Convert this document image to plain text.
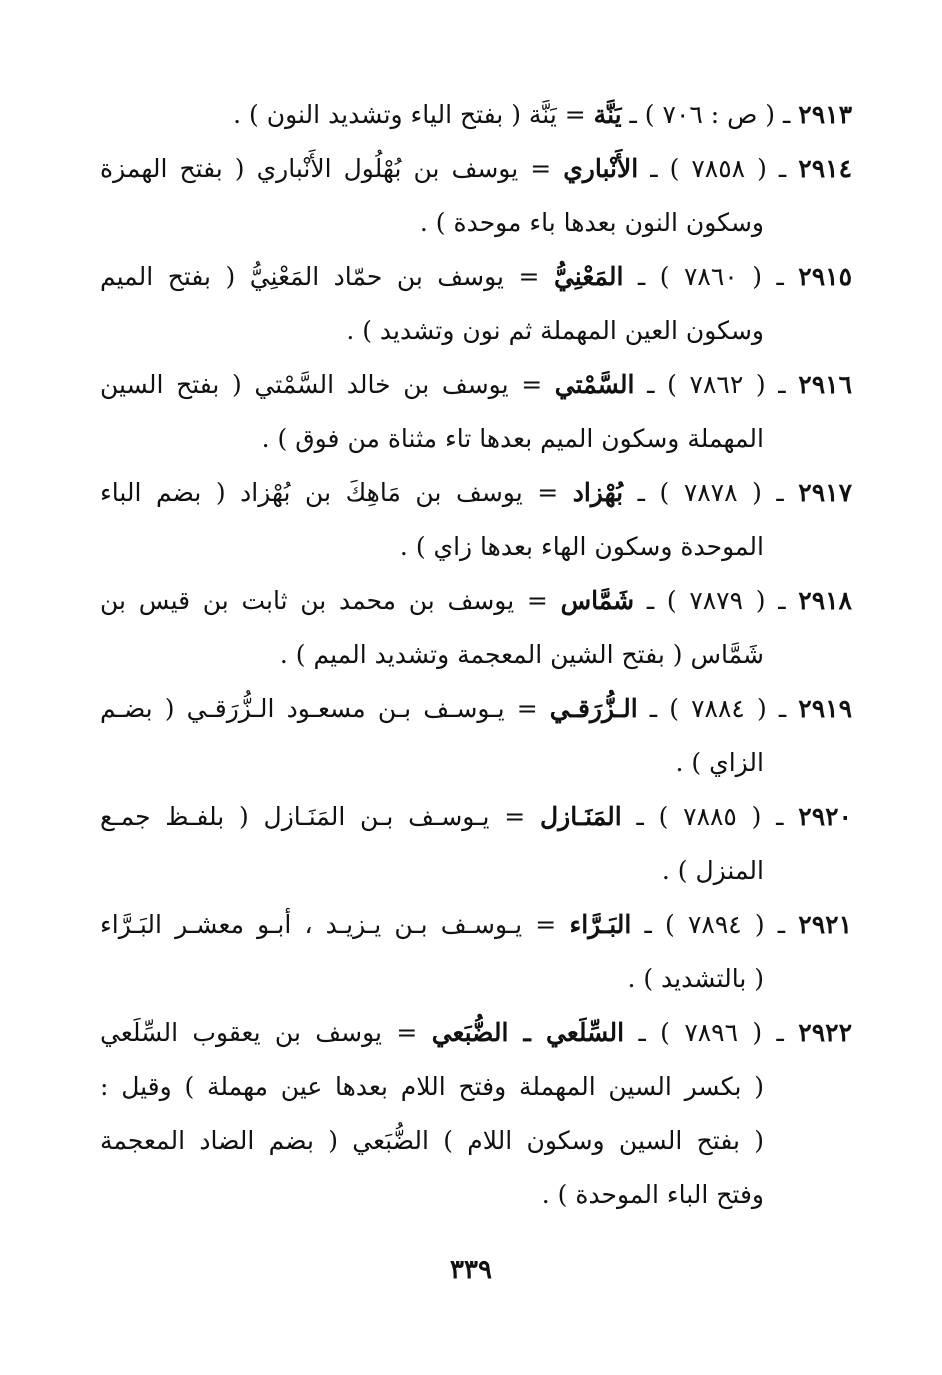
٢٩١٣ ـ ( ص : ٧٠٦ ) ـ يَنَّة = يَنَّة ( بفتح الياء وتشديد النون ) .
٢٩١٤ ـ ( ٧٨٥٨ ) ـ الأَنْباري = يوسف بن بُهْلُول الأَنْباري ( بفتح الهمزة
وسكون النون بعدها باء موحدة ) .
٢٩١٥ ـ ( ٧٨٦٠ ) ـ المَعْنِيُّ = يوسف بن حمّاد المَعْنِيُّ ( بفتح الميم
وسكون العين المهملة ثم نون وتشديد ) .
٢٩١٦ ـ ( ٧٨٦٢ ) ـ السَّمْتي = يوسف بن خالد السَّمْتي ( بفتح السين
المهملة وسكون الميم بعدها تاء مثناة من فوق ) .
٢٩١٧ ـ ( ٧٨٧٨ ) ـ بُهْزاد = يوسف بن مَاهِكَ بن بُهْزاد ( بضم الباء
الموحدة وسكون الهاء بعدها زاي ) .
٢٩١٨ ـ ( ٧٨٧٩ ) ـ شَمَّاس = يوسف بن محمد بن ثابت بن قيس بن
شَمَّاس ( بفتح الشين المعجمة وتشديد الميم ) .
٢٩١٩ ـ ( ٧٨٨٤ ) ـ الـزُّرَقـي = يـوسـف بـن مسعـود الـزُّرَقـي ( بضـم
الزاي ) .
٢٩٢٠ ـ ( ٧٨٨٥ ) ـ المَنَـازل = يـوسـف بـن المَنَـازل ( بلفـظ جمـع
المنزل ) .
٢٩٢١ ـ ( ٧٨٩٤ ) ـ البَـرَّاء = يـوسـف بـن يـزيـد ، أبـو معشـر البَـرَّاء
( بالتشديد ) .
٢٩٢٢ ـ ( ٧٨٩٦ ) ـ السِّلَعي ـ الضُّبَعي = يوسف بن يعقوب السِّلَعي
( بكسر السين المهملة وفتح اللام بعدها عين مهملة ) وقيل :
( بفتح السين وسكون اللام ) الضُّبَعي ( بضم الضاد المعجمة
وفتح الباء الموحدة ) .
٣٣٩
